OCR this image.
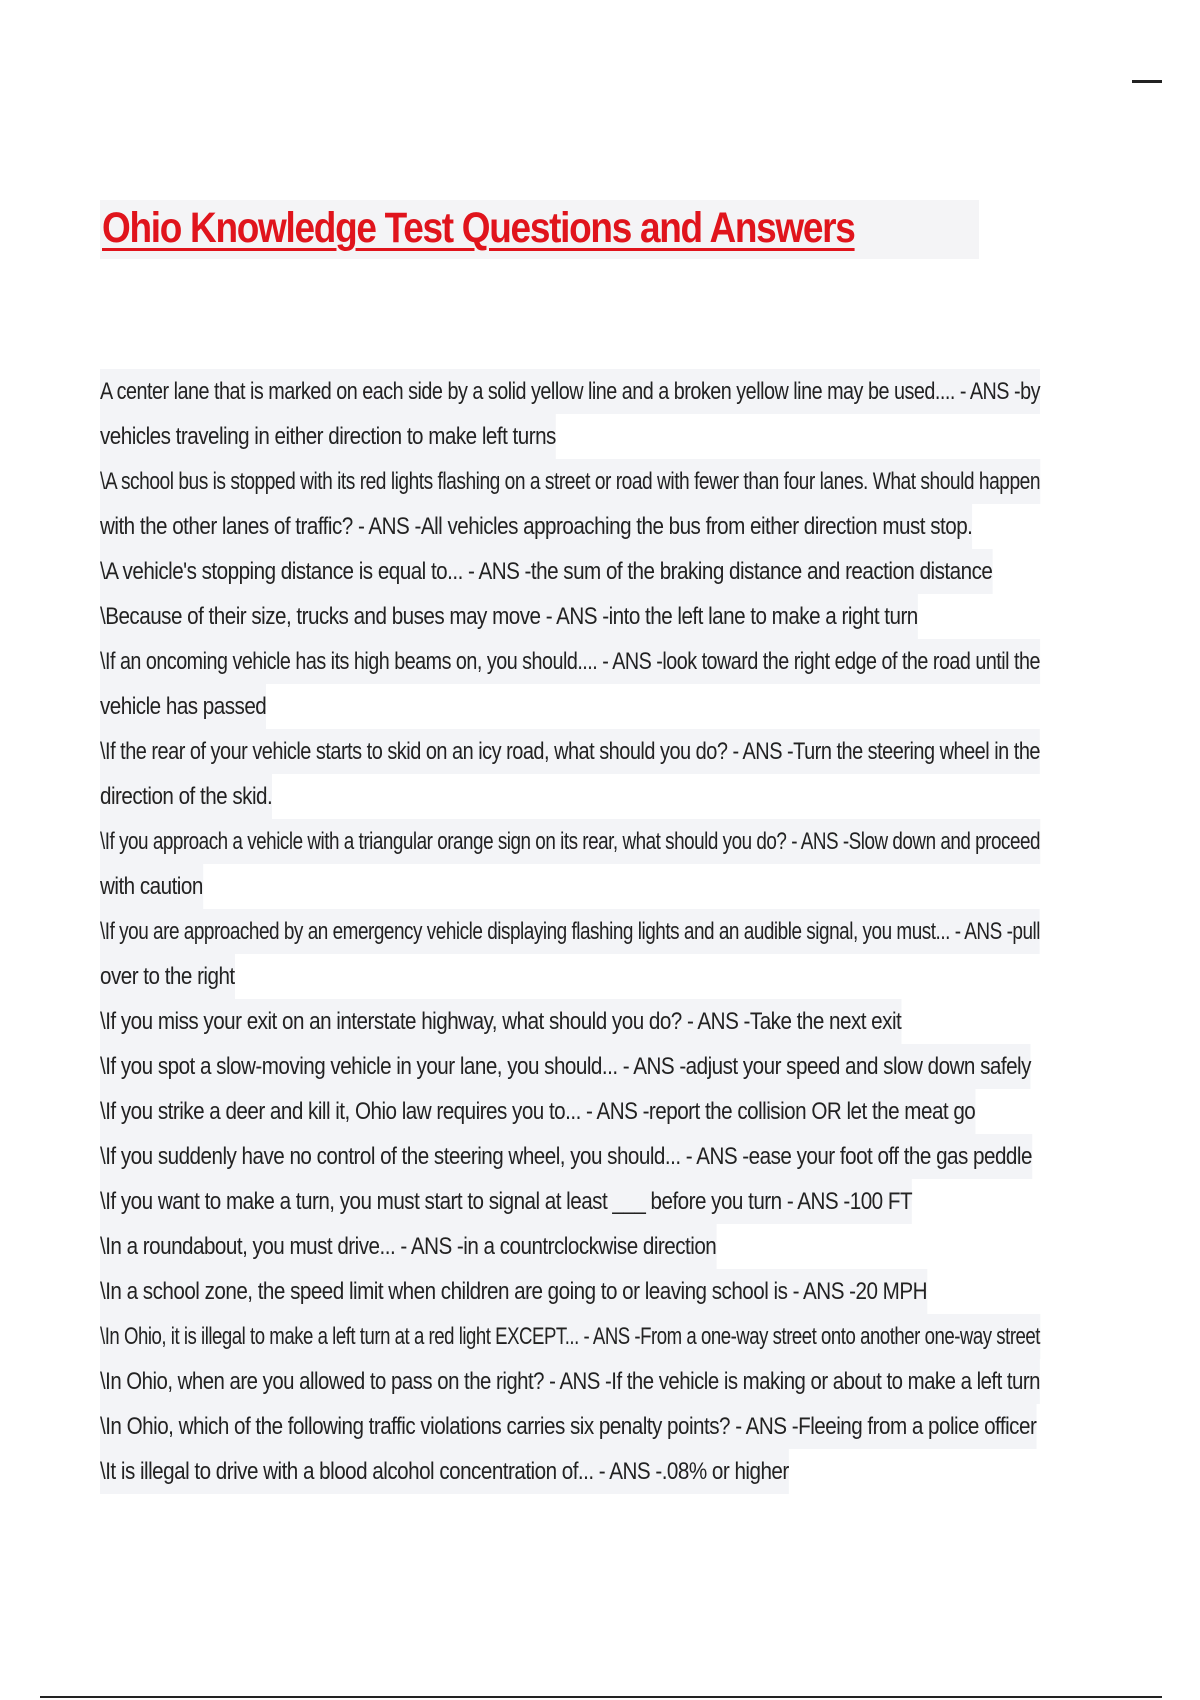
Ohio Knowledge Test Questions and Answers
A center lane that is marked on each side by a solid yellow line and a broken yellow line may be used.... - ANS -by
vehicles traveling in either direction to make left turns
\A school bus is stopped with its red lights flashing on a street or road with fewer than four lanes. What should happen
with the other lanes of traffic? - ANS -All vehicles approaching the bus from either direction must stop.
\A vehicle's stopping distance is equal to... - ANS -the sum of the braking distance and reaction distance
\Because of their size, trucks and buses may move - ANS -into the left lane to make a right turn
\If an oncoming vehicle has its high beams on, you should.... - ANS -look toward the right edge of the road until the
vehicle has passed
\If the rear of your vehicle starts to skid on an icy road, what should you do? - ANS -Turn the steering wheel in the
direction of the skid.
\If you approach a vehicle with a triangular orange sign on its rear, what should you do? - ANS -Slow down and proceed
with caution
\If you are approached by an emergency vehicle displaying flashing lights and an audible signal, you must... - ANS -pull
over to the right
\If you miss your exit on an interstate highway, what should you do? - ANS -Take the next exit
\If you spot a slow-moving vehicle in your lane, you should... - ANS -adjust your speed and slow down safely
\If you strike a deer and kill it, Ohio law requires you to... - ANS -report the collision OR let the meat go
\If you suddenly have no control of the steering wheel, you should... - ANS -ease your foot off the gas peddle
\If you want to make a turn, you must start to signal at least ___ before you turn - ANS -100 FT
\In a roundabout, you must drive... - ANS -in a countrclockwise direction
\In a school zone, the speed limit when children are going to or leaving school is - ANS -20 MPH
\In Ohio, it is illegal to make a left turn at a red light EXCEPT... - ANS -From a one-way street onto another one-way street
\In Ohio, when are you allowed to pass on the right? - ANS -If the vehicle is making or about to make a left turn
\In Ohio, which of the following traffic violations carries six penalty points? - ANS -Fleeing from a police officer
\It is illegal to drive with a blood alcohol concentration of... - ANS -.08% or higher
